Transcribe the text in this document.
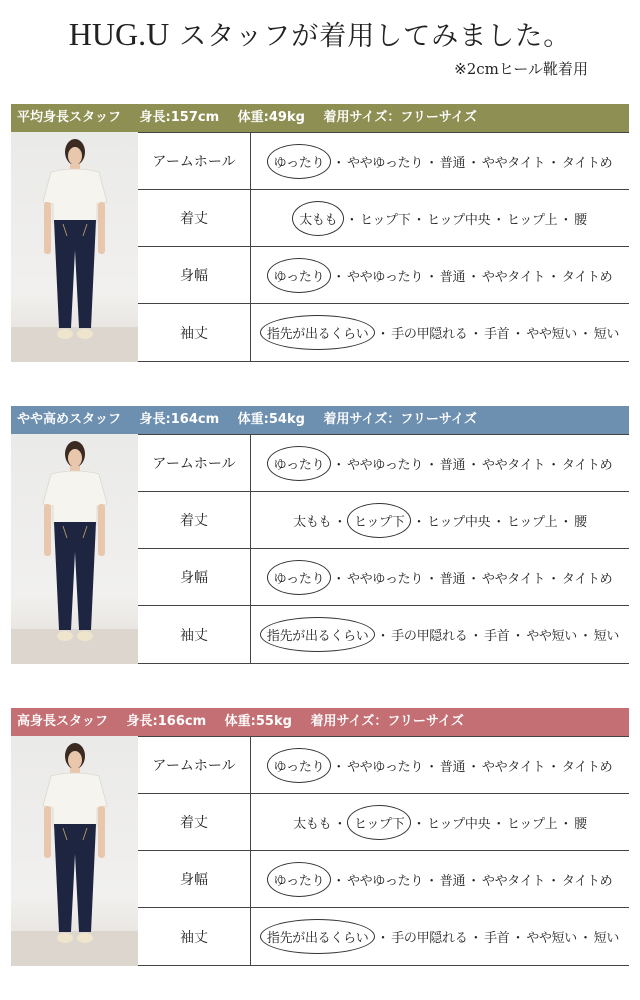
HUG.U スタッフが着用してみました。
※2cmヒール靴着用
平均身長スタッフ 身長:157cm 体重:49kg 着用サイズ：フリーサイズ
アームホール	ゆったり ・ ややゆったり ・ 普通 ・ ややタイト ・ タイトめ
着丈	太もも ・ ヒップ下 ・ ヒップ中央 ・ ヒップ上 ・ 腰
身幅	ゆったり ・ ややゆったり ・ 普通 ・ ややタイト ・ タイトめ
袖丈	指先が出るくらい ・ 手の甲隠れる ・ 手首 ・ やや短い ・ 短い
やや高めスタッフ 身長:164cm 体重:54kg 着用サイズ：フリーサイズ
アームホール	ゆったり ・ ややゆったり ・ 普通 ・ ややタイト ・ タイトめ
着丈	太もも ・ ヒップ下 ・ ヒップ中央 ・ ヒップ上 ・ 腰
身幅	ゆったり ・ ややゆったり ・ 普通 ・ ややタイト ・ タイトめ
袖丈	指先が出るくらい ・ 手の甲隠れる ・ 手首 ・ やや短い ・ 短い
高身長スタッフ 身長:166cm 体重:55kg 着用サイズ：フリーサイズ
アームホール	ゆったり ・ ややゆったり ・ 普通 ・ ややタイト ・ タイトめ
着丈	太もも ・ ヒップ下 ・ ヒップ中央 ・ ヒップ上 ・ 腰
身幅	ゆったり ・ ややゆったり ・ 普通 ・ ややタイト ・ タイトめ
袖丈	指先が出るくらい ・ 手の甲隠れる ・ 手首 ・ やや短い ・ 短い
